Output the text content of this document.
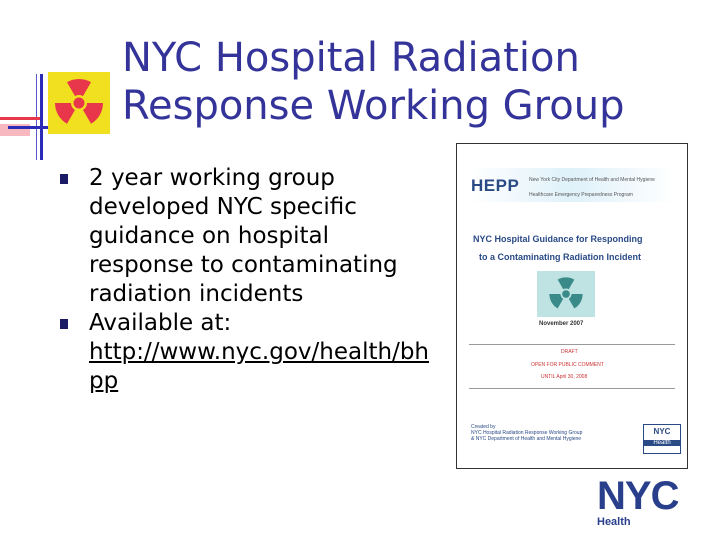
NYC Hospital Radiation
Response Working Group
2 year working group developed NYC specific guidance on hospital response to contaminating radiation incidents
Available at:
http://www.nyc.gov/health/bhpp
HEPP New York City Department of Health and Mental Hygiene
Healthcare Emergency Preparedness Program
NYC Hospital Guidance for Responding
to a Contaminating Radiation Incident
November 2007
DRAFT
OPEN FOR PUBLIC COMMENT
UNTIL April 30, 2008
Created by
NYC Hospital Radiation Response Working Group
& NYC Department of Health and Mental Hygiene
NYC
Health
NYC
Health
